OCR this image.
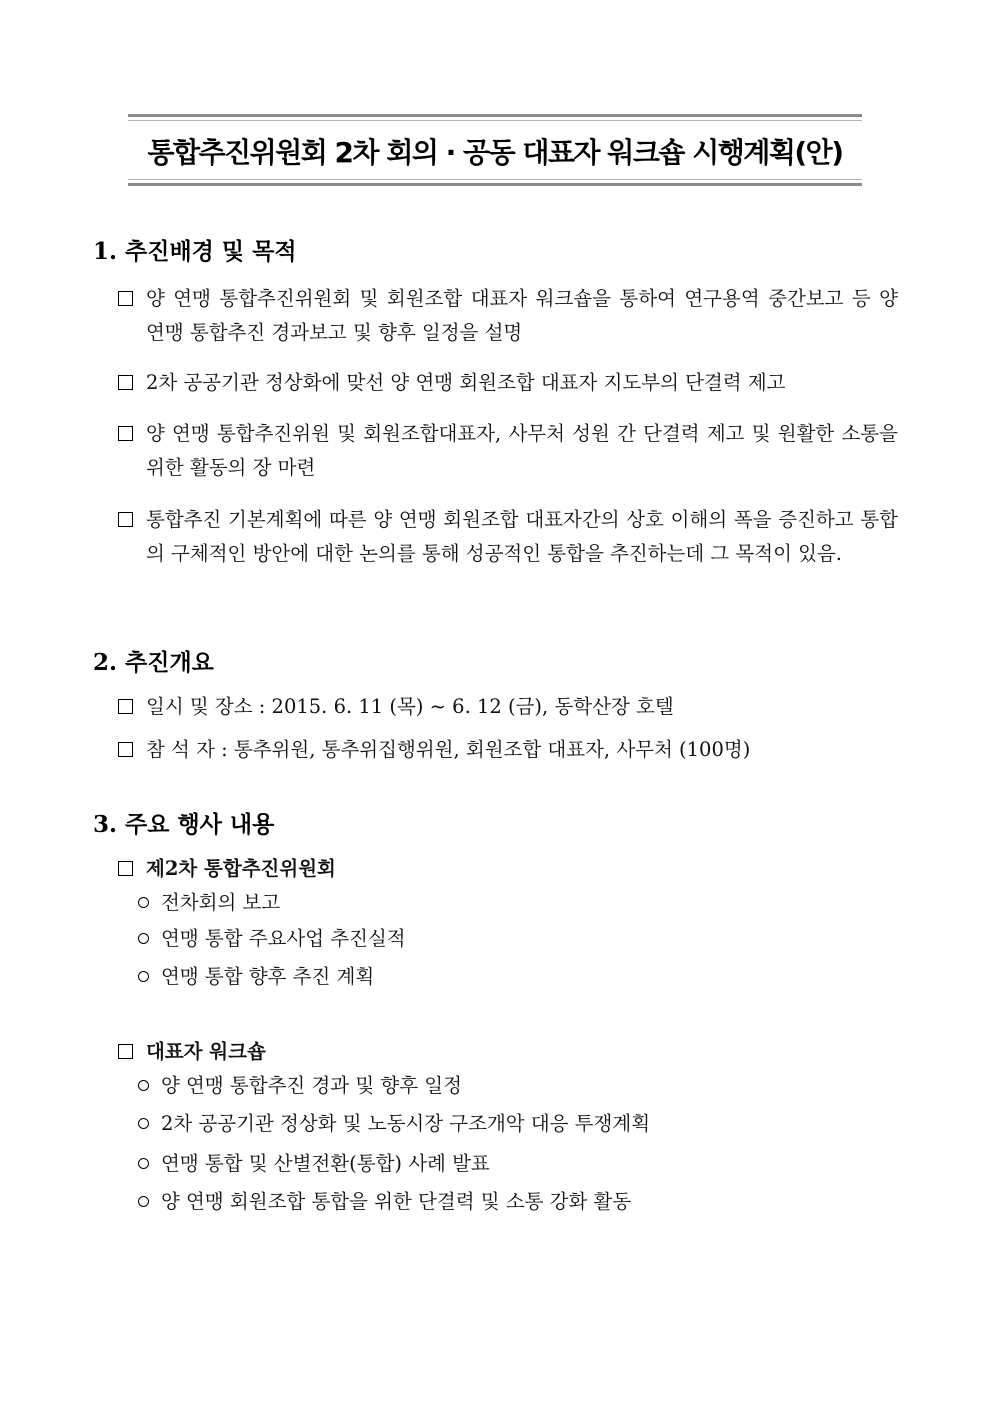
통합추진위원회 2차 회의 · 공동 대표자 워크숍 시행계획(안)
1. 추진배경 및 목적
양 연맹 통합추진위원회 및 회원조합 대표자 워크숍을 통하여 연구용역 중간보고 등 양 연맹 통합추진 경과보고 및 향후 일정을 설명
2차 공공기관 정상화에 맞선 양 연맹 회원조합 대표자 지도부의 단결력 제고
양 연맹 통합추진위원 및 회원조합대표자, 사무처 성원 간 단결력 제고 및 원활한 소통을 위한 활동의 장 마련
통합추진 기본계획에 따른 양 연맹 회원조합 대표자간의 상호 이해의 폭을 증진하고 통합의 구체적인 방안에 대한 논의를 통해 성공적인 통합을 추진하는데 그 목적이 있음.
2. 추진개요
일시 및 장소 : 2015. 6. 11 (목) ~ 6. 12 (금), 동학산장 호텔
참 석 자 : 통추위원, 통추위집행위원, 회원조합 대표자, 사무처 (100명)
3. 주요 행사 내용
제2차 통합추진위원회
전차회의 보고
연맹 통합 주요사업 추진실적
연맹 통합 향후 추진 계획
대표자 워크숍
양 연맹 통합추진 경과 및 향후 일정
2차 공공기관 정상화 및 노동시장 구조개악 대응 투쟁계획
연맹 통합 및 산별전환(통합) 사례 발표
양 연맹 회원조합 통합을 위한 단결력 및 소통 강화 활동
